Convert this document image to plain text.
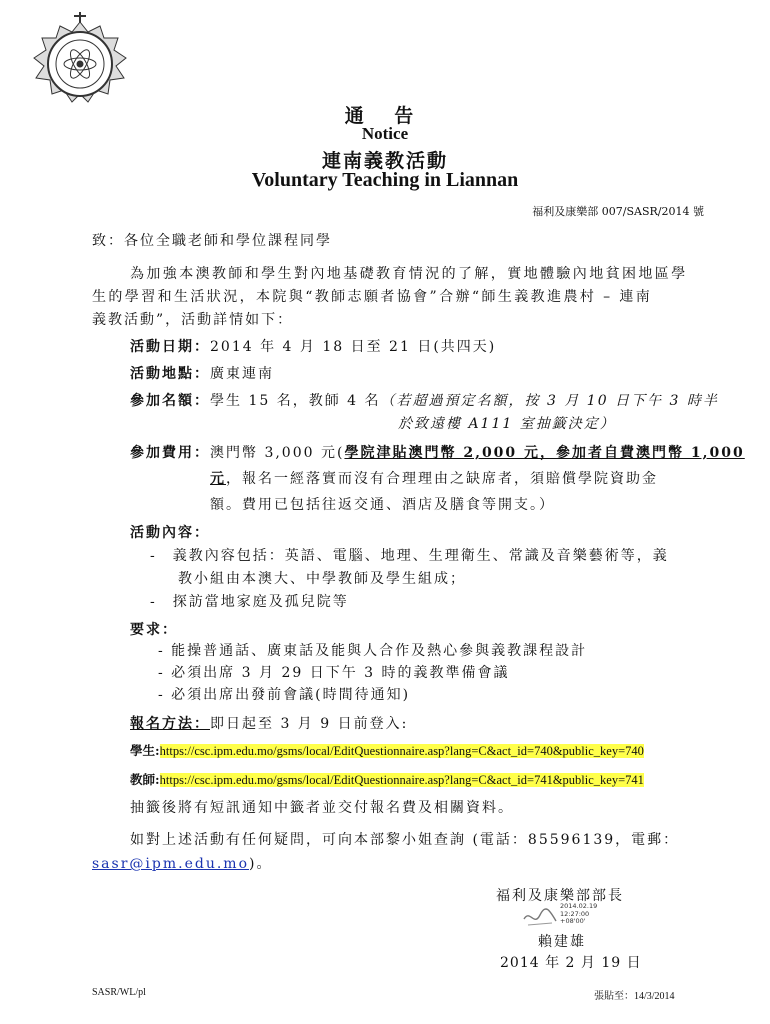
通 告
Notice
連南義教活動
Voluntary Teaching in Liannan
福利及康樂部 007/SASR/2014 號
致：各位全職老師和學位課程同學
為加強本澳教師和學生對內地基礎教育情況的了解，實地體驗內地貧困地區學
生的學習和生活狀況，本院與“教師志願者協會”合辦“師生義教進農村 – 連南
義教活動”，活動詳情如下：
活動日期：2014 年 4 月 18 日至 21 日(共四天)
活動地點：廣東連南
參加名額：學生 15 名，教師 4 名（若超過預定名額，按 3 月 10 日下午 3 時半
於致遠樓 A111 室抽籤決定）
參加費用：澳門幣 3,000 元(學院津貼澳門幣 2,000 元，參加者自費澳門幣 1,000
元，報名一經落實而沒有合理理由之缺席者，須賠償學院資助金
額。費用已包括往返交通、酒店及膳食等開支。）
活動內容：
-　義教內容包括：英語、電腦、地理、生理衛生、常識及音樂藝術等，義
教小組由本澳大、中學教師及學生組成；
-　探訪當地家庭及孤兒院等
要求：
- 能操普通話、廣東話及能與人合作及熱心參與義教課程設計
- 必須出席 3 月 29 日下午 3 時的義教準備會議
- 必須出席出發前會議(時間待通知)
報名方法：即日起至 3 月 9 日前登入:
學生:https://csc.ipm.edu.mo/gsms/local/EditQuestionnaire.asp?lang=C&act_id=740&public_key=740
教師:https://csc.ipm.edu.mo/gsms/local/EditQuestionnaire.asp?lang=C&act_id=741&public_key=741
抽籤後將有短訊通知中籤者並交付報名費及相關資料。
如對上述活動有任何疑問，可向本部黎小姐查詢 (電話：85596139，電郵：
sasr@ipm.edu.mo)。
福利及康樂部部長
2014.02.19
12:27:00
+08'00'
賴建雄
2014 年 2 月 19 日
SASR/WL/pl	張貼至：14/3/2014
